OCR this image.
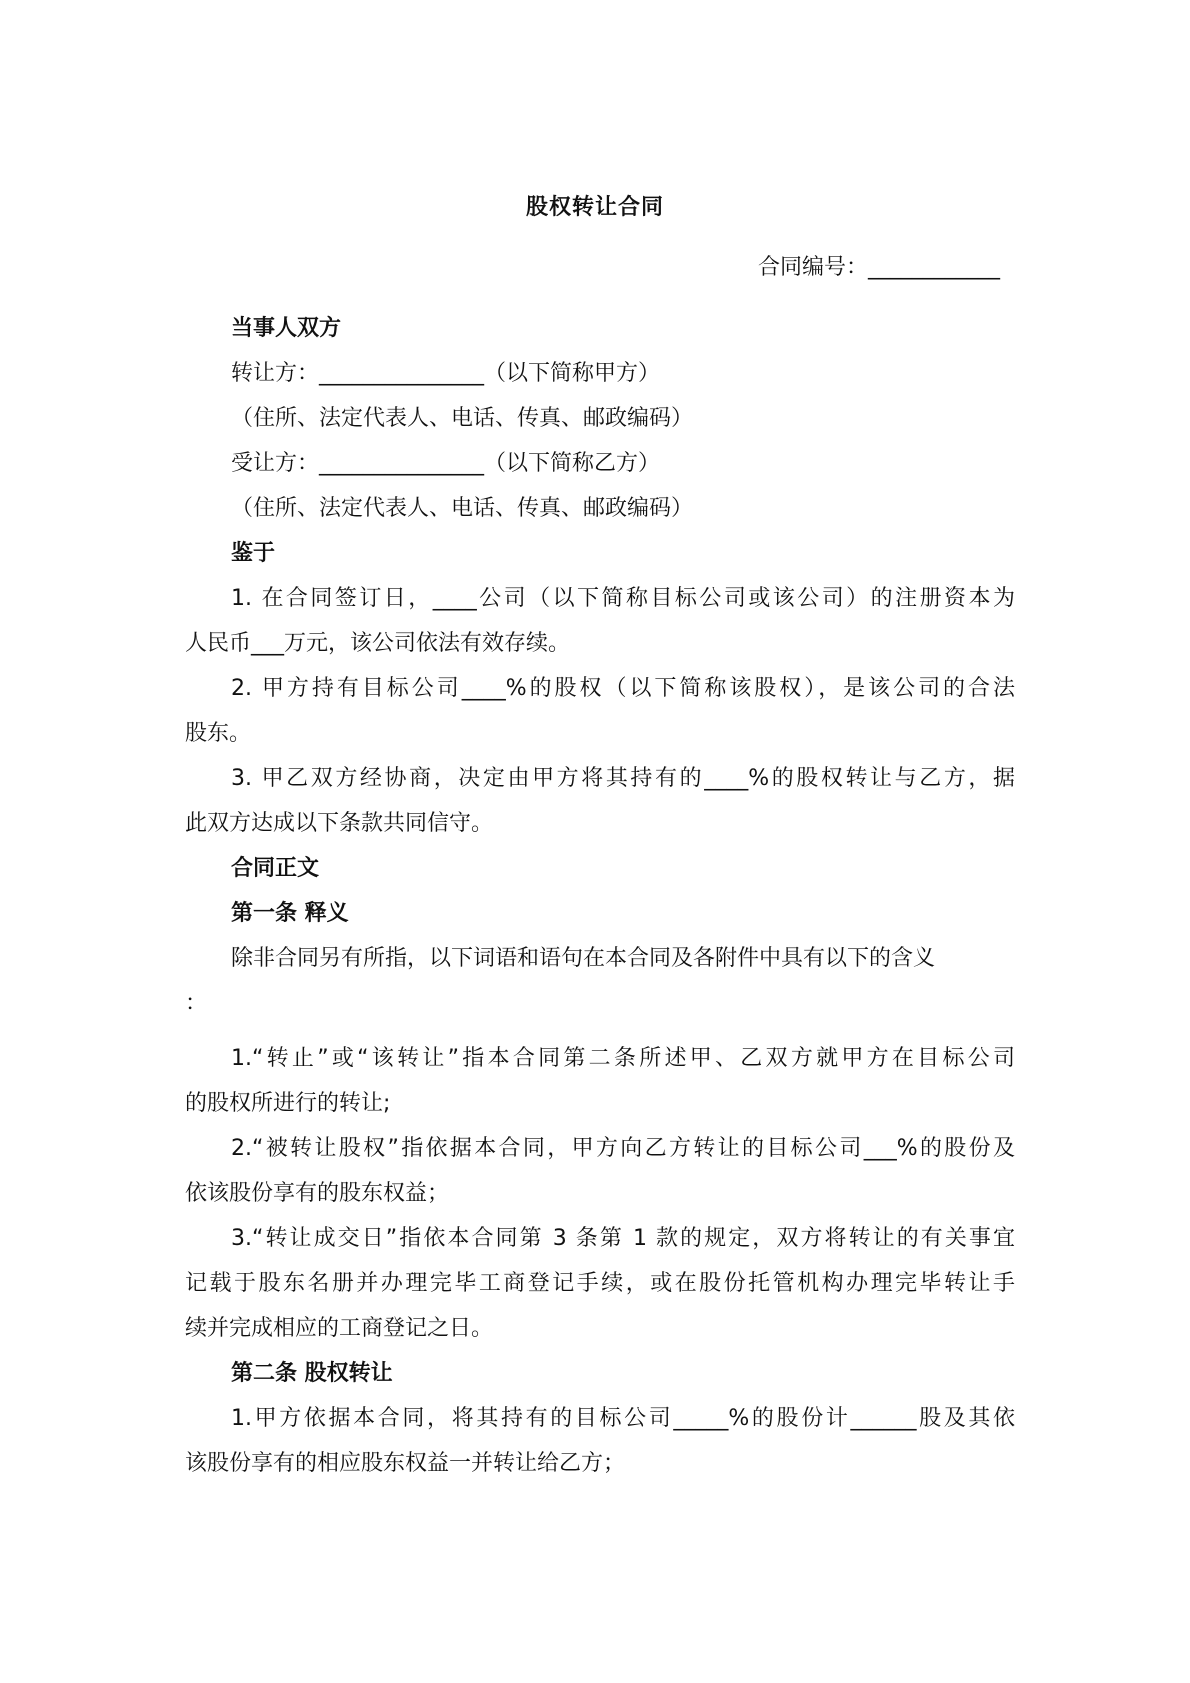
股权转让合同
合同编号：____________
当事人双方
转让方：_______________（以下简称甲方）
（住所、法定代表人、电话、传真、邮政编码）
受让方：_______________（以下简称乙方）
（住所、法定代表人、电话、传真、邮政编码）
鉴于
1. 在合同签订日，____公司（以下简称目标公司或该公司）的注册资本为
人民币___万元，该公司依法有效存续。
2. 甲方持有目标公司____%的股权（以下简称该股权），是该公司的合法
股东。
3. 甲乙双方经协商，决定由甲方将其持有的____%的股权转让与乙方，据
此双方达成以下条款共同信守。
合同正文
第一条 释义
除非合同另有所指，以下词语和语句在本合同及各附件中具有以下的含义
：
1.“转止”或“该转让”指本合同第二条所述甲、乙双方就甲方在目标公司
的股权所进行的转让;
2.“被转让股权”指依据本合同，甲方向乙方转让的目标公司___%的股份及
依该股份享有的股东权益；
3.“转让成交日”指依本合同第 3 条第 1 款的规定，双方将转让的有关事宜
记载于股东名册并办理完毕工商登记手续，或在股份托管机构办理完毕转让手
续并完成相应的工商登记之日。
第二条 股权转让
1.甲方依据本合同，将其持有的目标公司_____%的股份计______股及其依
该股份享有的相应股东权益一并转让给乙方；
